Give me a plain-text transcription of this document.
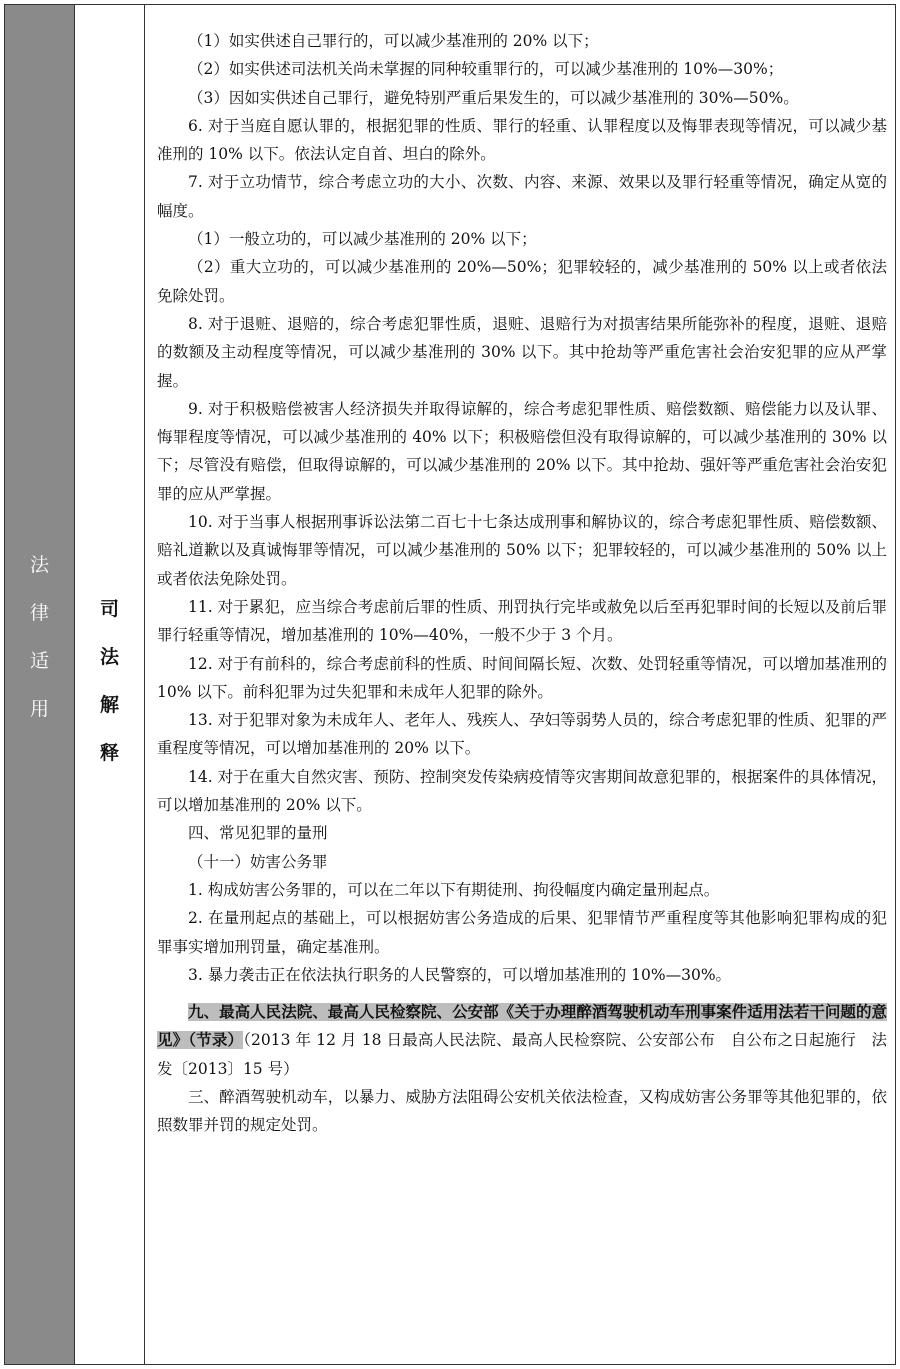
法
律
适
用
司
法
解
释

（1）如实供述自己罪行的，可以减少基准刑的 20% 以下；

（2）如实供述司法机关尚未掌握的同种较重罪行的，可以减少基准刑的 10%—30%；

（3）因如实供述自己罪行，避免特别严重后果发生的，可以减少基准刑的 30%—50%。

6. 对于当庭自愿认罪的，根据犯罪的性质、罪行的轻重、认罪程度以及悔罪表现等情况，可以减少基准刑的 10% 以下。依法认定自首、坦白的除外。

7. 对于立功情节，综合考虑立功的大小、次数、内容、来源、效果以及罪行轻重等情况，确定从宽的幅度。

（1）一般立功的，可以减少基准刑的 20% 以下；

（2）重大立功的，可以减少基准刑的 20%—50%；犯罪较轻的，减少基准刑的 50% 以上或者依法免除处罚。

8. 对于退赃、退赔的，综合考虑犯罪性质，退赃、退赔行为对损害结果所能弥补的程度，退赃、退赔的数额及主动程度等情况，可以减少基准刑的 30% 以下。其中抢劫等严重危害社会治安犯罪的应从严掌握。

9. 对于积极赔偿被害人经济损失并取得谅解的，综合考虑犯罪性质、赔偿数额、赔偿能力以及认罪、悔罪程度等情况，可以减少基准刑的 40% 以下；积极赔偿但没有取得谅解的，可以减少基准刑的 30% 以下；尽管没有赔偿，但取得谅解的，可以减少基准刑的 20% 以下。其中抢劫、强奸等严重危害社会治安犯罪的应从严掌握。

10. 对于当事人根据刑事诉讼法第二百七十七条达成刑事和解协议的，综合考虑犯罪性质、赔偿数额、赔礼道歉以及真诚悔罪等情况，可以减少基准刑的 50% 以下；犯罪较轻的，可以减少基准刑的 50% 以上或者依法免除处罚。

11. 对于累犯，应当综合考虑前后罪的性质、刑罚执行完毕或赦免以后至再犯罪时间的长短以及前后罪罪行轻重等情况，增加基准刑的 10%—40%，一般不少于 3 个月。

12. 对于有前科的，综合考虑前科的性质、时间间隔长短、次数、处罚轻重等情况，可以增加基准刑的 10% 以下。前科犯罪为过失犯罪和未成年人犯罪的除外。

13. 对于犯罪对象为未成年人、老年人、残疾人、孕妇等弱势人员的，综合考虑犯罪的性质、犯罪的严重程度等情况，可以增加基准刑的 20% 以下。

14. 对于在重大自然灾害、预防、控制突发传染病疫情等灾害期间故意犯罪的，根据案件的具体情况，可以增加基准刑的 20% 以下。

四、常见犯罪的量刑

（十一）妨害公务罪

1. 构成妨害公务罪的，可以在二年以下有期徒刑、拘役幅度内确定量刑起点。

2. 在量刑起点的基础上，可以根据妨害公务造成的后果、犯罪情节严重程度等其他影响犯罪构成的犯罪事实增加刑罚量，确定基准刑。

3. 暴力袭击正在依法执行职务的人民警察的，可以增加基准刑的 10%—30%。

九、最高人民法院、最高人民检察院、公安部《关于办理醉酒驾驶机动车刑事案件适用法若干问题的意见》（节录）（2013 年 12 月 18 日最高人民法院、最高人民检察院、公安部公布　自公布之日起施行　法发〔2013〕15 号）

三、醉酒驾驶机动车，以暴力、威胁方法阻碍公安机关依法检查，又构成妨害公务罪等其他犯罪的，依照数罪并罚的规定处罚。
